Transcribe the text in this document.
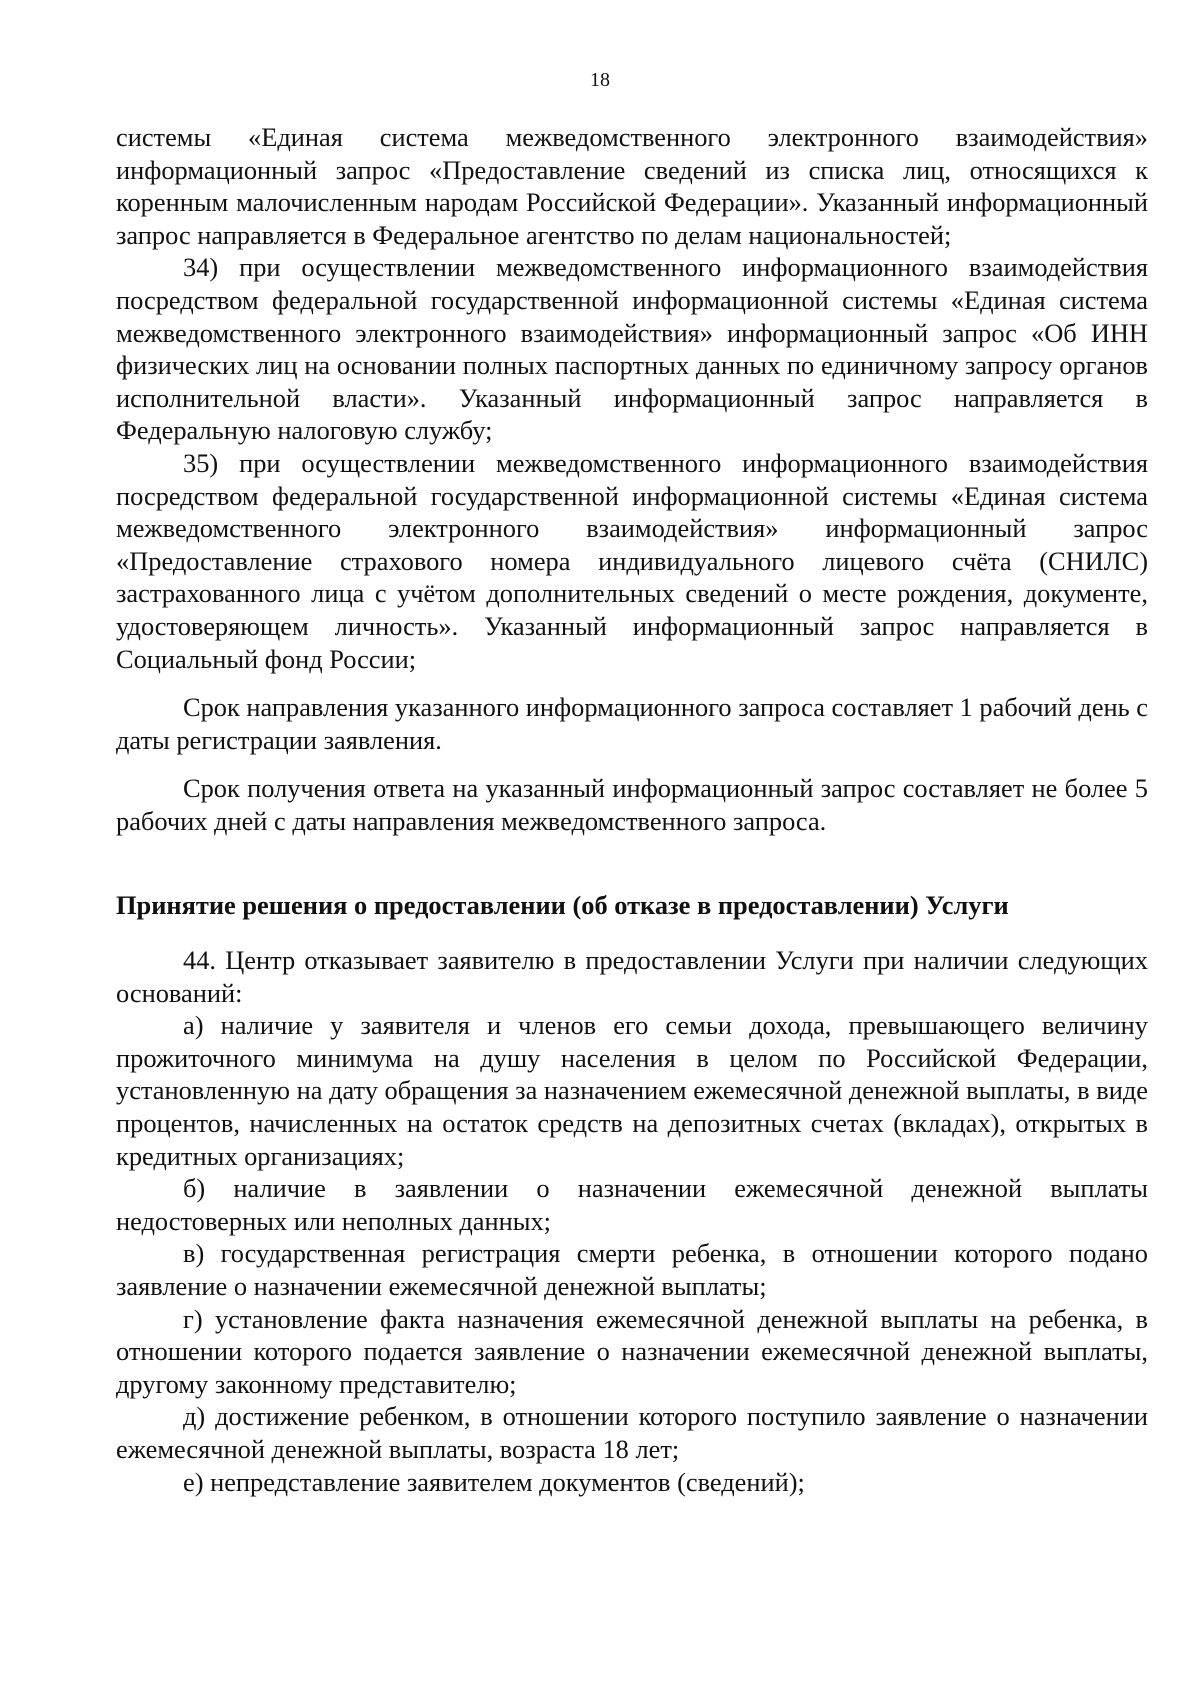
18

системы «Единая система межведомственного электронного взаимодействия» информационный запрос «Предоставление сведений из списка лиц, относящихся к коренным малочисленным народам Российской Федерации». Указанный информационный запрос направляется в Федеральное агентство по делам национальностей;

34) при осуществлении межведомственного информационного взаимодействия посредством федеральной государственной информационной системы «Единая система межведомственного электронного взаимодействия» информационный запрос «Об ИНН физических лиц на основании полных паспортных данных по единичному запросу органов исполнительной власти». Указанный информационный запрос направляется в Федеральную налоговую службу;

35) при осуществлении межведомственного информационного взаимодействия посредством федеральной государственной информационной системы «Единая система межведомственного электронного взаимодействия» информационный запрос «Предоставление страхового номера индивидуального лицевого счёта (СНИЛС) застрахованного лица с учётом дополнительных сведений о месте рождения, документе, удостоверяющем личность». Указанный информационный запрос направляется в Социальный фонд России;

Срок направления указанного информационного запроса составляет 1 рабочий день с даты регистрации заявления.

Срок получения ответа на указанный информационный запрос составляет не более 5 рабочих дней с даты направления межведомственного запроса.

Принятие решения о предоставлении (об отказе в предоставлении) Услуги

44. Центр отказывает заявителю в предоставлении Услуги при наличии следующих оснований:

а) наличие у заявителя и членов его семьи дохода, превышающего величину прожиточного минимума на душу населения в целом по Российской Федерации, установленную на дату обращения за назначением ежемесячной денежной выплаты, в виде процентов, начисленных на остаток средств на депозитных счетах (вкладах), открытых в кредитных организациях;

б) наличие в заявлении о назначении ежемесячной денежной выплаты недостоверных или неполных данных;

в) государственная регистрация смерти ребенка, в отношении которого подано заявление о назначении ежемесячной денежной выплаты;

г) установление факта назначения ежемесячной денежной выплаты на ребенка, в отношении которого подается заявление о назначении ежемесячной денежной выплаты, другому законному представителю;

д) достижение ребенком, в отношении которого поступило заявление о назначении ежемесячной денежной выплаты, возраста 18 лет;

е) непредставление заявителем документов (сведений);
